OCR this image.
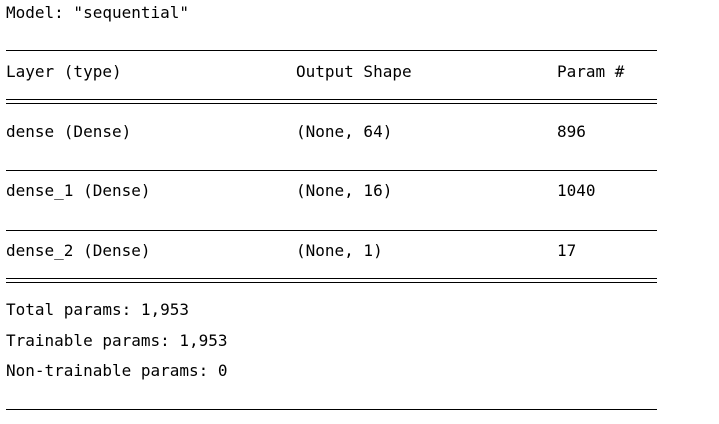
Model: "sequential"

Layer (type)	Output Shape	Param #

dense (Dense)	(None, 64)	896

dense_1 (Dense)	(None, 16)	1040

dense_2 (Dense)	(None, 1)	17

Total params: 1,953

Trainable params: 1,953

Non-trainable params: 0
